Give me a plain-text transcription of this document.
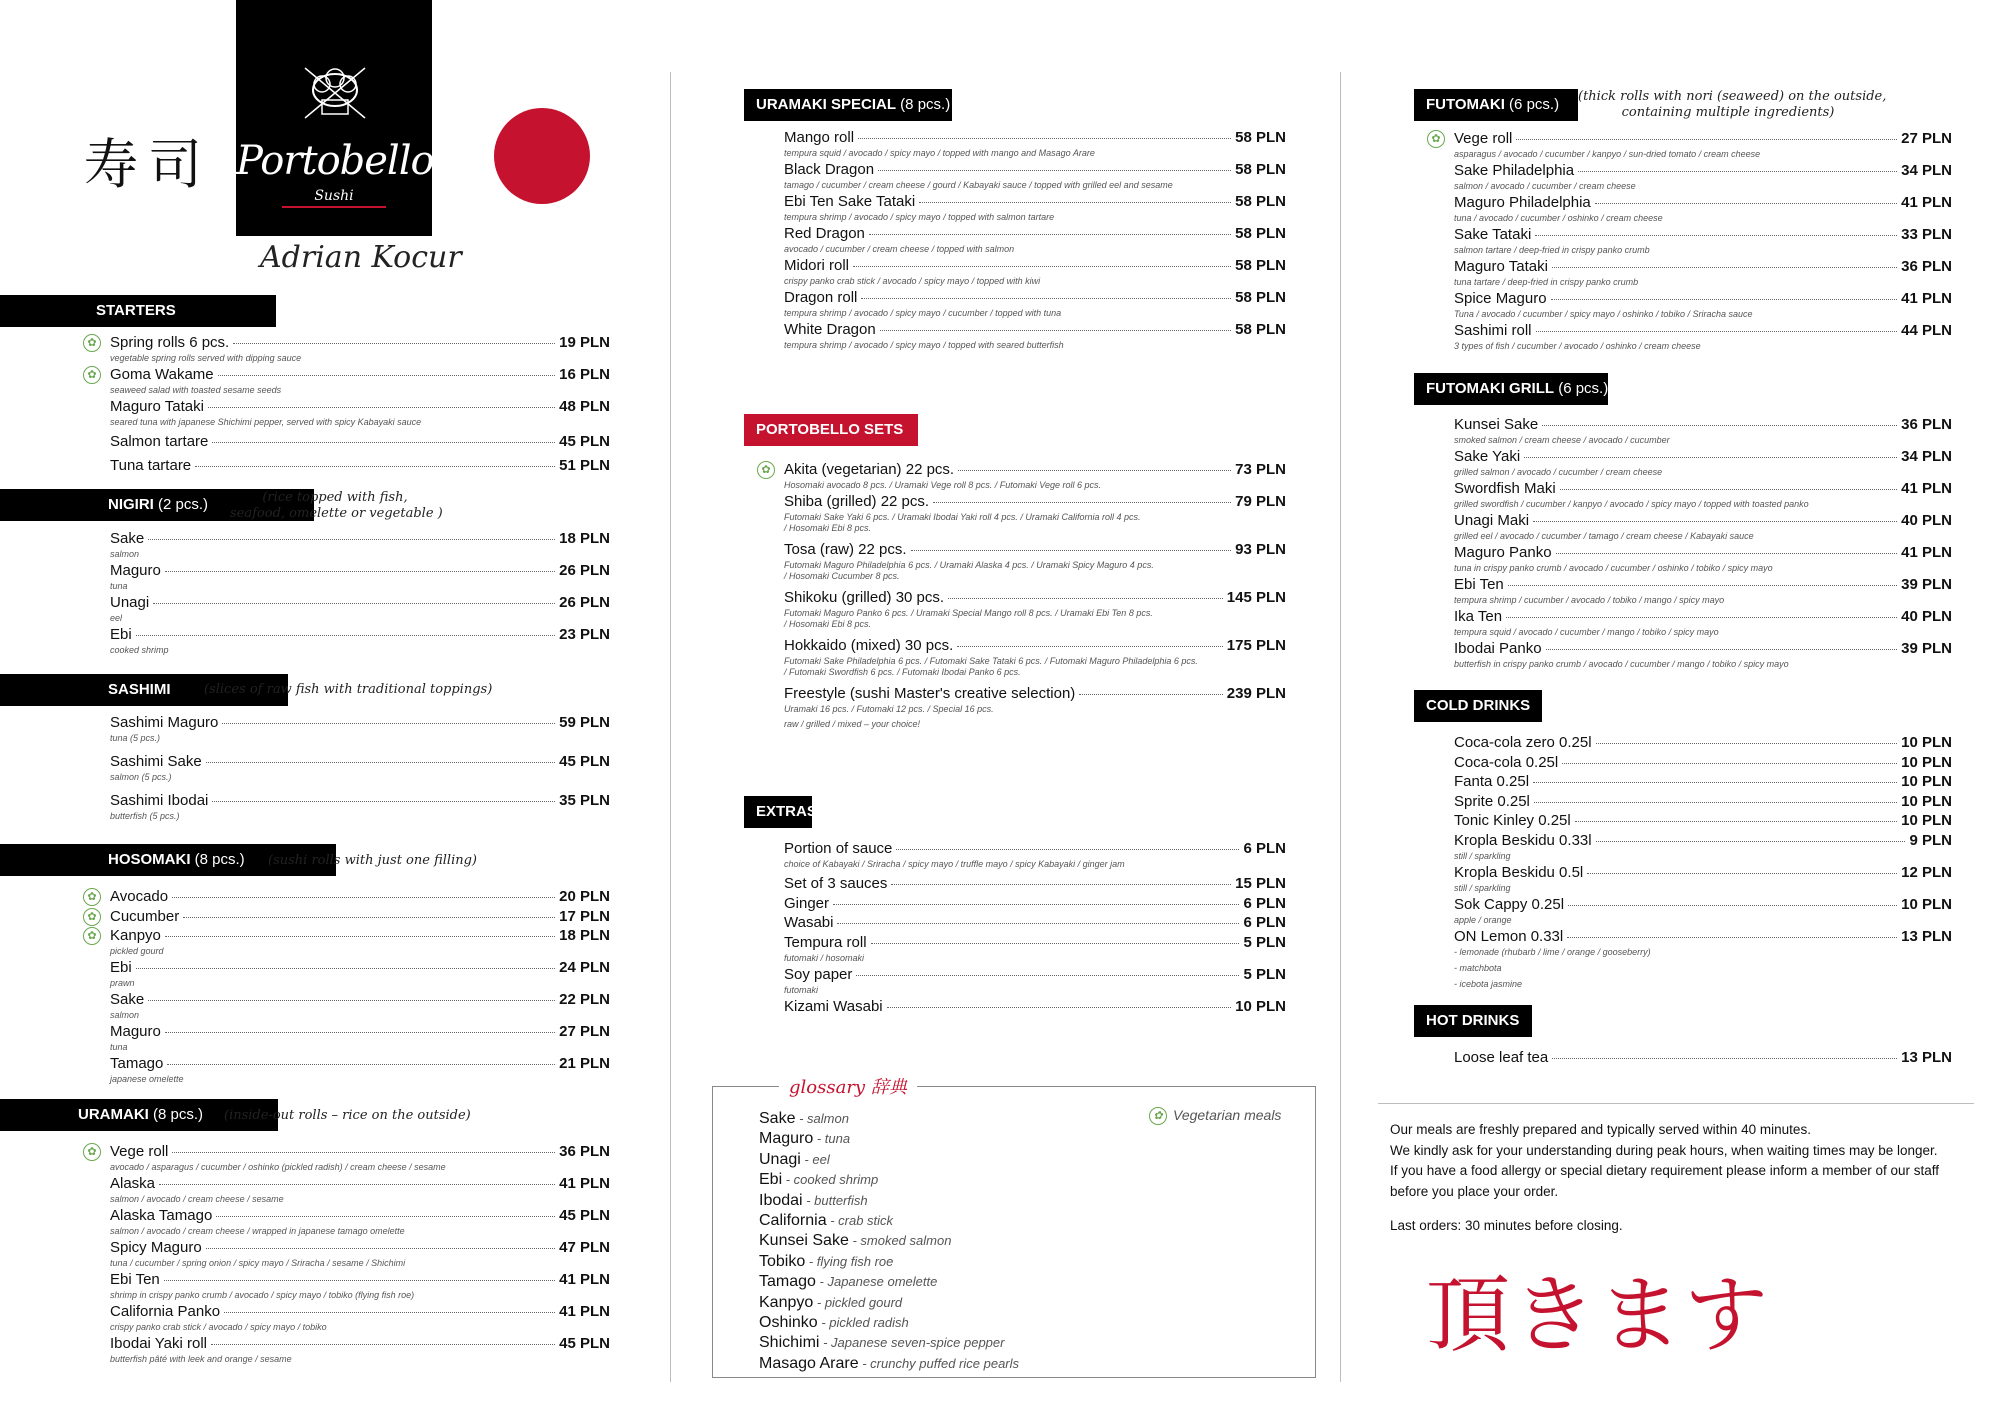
寿司 Portobello
Sushi
Adrian Kocur
STARTERS
✿ Spring rolls 6 pcs.	19 PLN
vegetable spring rolls served with dipping sauce
✿ Goma Wakame	16 PLN
seaweed salad with toasted sesame seeds
Maguro Tataki	48 PLN
seared tuna with japanese Shichimi pepper, served with spicy Kabayaki sauce
Salmon tartare	45 PLN
Tuna tartare	51 PLN
NIGIRI (2 pcs.)	(rice topped with fish,
seafood, omelette or vegetable )
Sake	18 PLN
salmon
Maguro	26 PLN
tuna
Unagi	26 PLN
eel
Ebi	23 PLN
cooked shrimp
SASHIMI	(slices of raw fish with traditional toppings)
Sashimi Maguro	59 PLN
tuna (5 pcs.)
Sashimi Sake	45 PLN
salmon (5 pcs.)
Sashimi Ibodai	35 PLN
butterfish (5 pcs.)
HOSOMAKI (8 pcs.)	(sushi rolls with just one filling)
✿ Avocado	20 PLN
✿ Cucumber	17 PLN
✿ Kanpyo	18 PLN
pickled gourd
Ebi	24 PLN
prawn
Sake	22 PLN
salmon
Maguro	27 PLN
tuna
Tamago	21 PLN
japanese omelette
URAMAKI (8 pcs.)	(inside-out rolls – rice on the outside)
✿ Vege roll	36 PLN
avocado / asparagus / cucumber / oshinko (pickled radish) / cream cheese / sesame
Alaska	41 PLN
salmon / avocado / cream cheese / sesame
Alaska Tamago	45 PLN
salmon / avocado / cream cheese / wrapped in japanese tamago omelette
Spicy Maguro	47 PLN
tuna / cucumber / spring onion / spicy mayo / Sriracha / sesame / Shichimi
Ebi Ten	41 PLN
shrimp in crispy panko crumb / avocado / spicy mayo / tobiko (flying fish roe)
California Panko	41 PLN
crispy panko crab stick / avocado / spicy mayo / tobiko
Ibodai Yaki roll	45 PLN
butterfish pâté with leek and orange / sesame
URAMAKI SPECIAL (8 pcs.)
Mango roll	58 PLN
tempura squid / avocado / spicy mayo / topped with mango and Masago Arare
Black Dragon	58 PLN
tamago / cucumber / cream cheese / gourd / Kabayaki sauce / topped with grilled eel and sesame
Ebi Ten Sake Tataki	58 PLN
tempura shrimp / avocado / spicy mayo / topped with salmon tartare
Red Dragon	58 PLN
avocado / cucumber / cream cheese / topped with salmon
Midori roll	58 PLN
crispy panko crab stick / avocado / spicy mayo / topped with kiwi
Dragon roll	58 PLN
tempura shrimp / avocado / spicy mayo / cucumber / topped with tuna
White Dragon	58 PLN
tempura shrimp / avocado / spicy mayo / topped with seared butterfish
PORTOBELLO SETS
✿ Akita (vegetarian) 22 pcs.	73 PLN
Hosomaki avocado 8 pcs. / Uramaki Vege roll 8 pcs. / Futomaki Vege roll 6 pcs.
Shiba (grilled) 22 pcs.	79 PLN
Futomaki Sake Yaki 6 pcs. / Uramaki Ibodai Yaki roll 4 pcs. / Uramaki California roll 4 pcs.
/ Hosomaki Ebi 8 pcs.
Tosa (raw) 22 pcs.	93 PLN
Futomaki Maguro Philadelphia 6 pcs. / Uramaki Alaska 4 pcs. / Uramaki Spicy Maguro 4 pcs.
/ Hosomaki Cucumber 8 pcs.
Shikoku (grilled) 30 pcs.	145 PLN
Futomaki Maguro Panko 6 pcs. / Uramaki Special Mango roll 8 pcs. / Uramaki Ebi Ten 8 pcs.
/ Hosomaki Ebi 8 pcs.
Hokkaido (mixed) 30 pcs.	175 PLN
Futomaki Sake Philadelphia 6 pcs. / Futomaki Sake Tataki 6 pcs. / Futomaki Maguro Philadelphia 6 pcs.
/ Futomaki Swordfish 6 pcs. / Futomaki Ibodai Panko 6 pcs.
Freestyle (sushi Master's creative selection)	239 PLN
Uramaki 16 pcs. / Futomaki 12 pcs. / Special 16 pcs.
raw / grilled / mixed – your choice!
EXTRAS
Portion of sauce	6 PLN
choice of Kabayaki / Sriracha / spicy mayo / truffle mayo / spicy Kabayaki / ginger jam
Set of 3 sauces	15 PLN
Ginger	6 PLN
Wasabi	6 PLN
Tempura roll	5 PLN
futomaki / hosomaki
Soy paper	5 PLN
futomaki
Kizami Wasabi	10 PLN
glossary 辞典
✿ Vegetarian meals
Sake - salmon
Maguro - tuna
Unagi - eel
Ebi - cooked shrimp
Ibodai - butterfish
California - crab stick
Kunsei Sake - smoked salmon
Tobiko - flying fish roe
Tamago - Japanese omelette
Kanpyo - pickled gourd
Oshinko - pickled radish
Shichimi - Japanese seven-spice pepper
Masago Arare - crunchy puffed rice pearls
FUTOMAKI (6 pcs.)	(thick rolls with nori (seaweed) on the outside,
containing multiple ingredients)
✿ Vege roll	27 PLN
asparagus / avocado / cucumber / kanpyo / sun-dried tomato / cream cheese
Sake Philadelphia	34 PLN
salmon / avocado / cucumber / cream cheese
Maguro Philadelphia	41 PLN
tuna / avocado / cucumber / oshinko / cream cheese
Sake Tataki	33 PLN
salmon tartare / deep-fried in crispy panko crumb
Maguro Tataki	36 PLN
tuna tartare / deep-fried in crispy panko crumb
Spice Maguro	41 PLN
Tuna / avocado / cucumber / spicy mayo / oshinko / tobiko / Sriracha sauce
Sashimi roll	44 PLN
3 types of fish / cucumber / avocado / oshinko / cream cheese
FUTOMAKI GRILL (6 pcs.)
Kunsei Sake	36 PLN
smoked salmon / cream cheese / avocado / cucumber
Sake Yaki	34 PLN
grilled salmon / avocado / cucumber / cream cheese
Swordfish Maki	41 PLN
grilled swordfish / cucumber / kanpyo / avocado / spicy mayo / topped with toasted panko
Unagi Maki	40 PLN
grilled eel / avocado / cucumber / tamago / cream cheese / Kabayaki sauce
Maguro Panko	41 PLN
tuna in crispy panko crumb / avocado / cucumber / oshinko / tobiko / spicy mayo
Ebi Ten	39 PLN
tempura shrimp / cucumber / avocado / tobiko / mango / spicy mayo
Ika Ten	40 PLN
tempura squid / avocado / cucumber / mango / tobiko / spicy mayo
Ibodai Panko	39 PLN
butterfish in crispy panko crumb / avocado / cucumber / mango / tobiko / spicy mayo
COLD DRINKS
Coca-cola zero 0.25l	10 PLN
Coca-cola 0.25l	10 PLN
Fanta 0.25l	10 PLN
Sprite 0.25l	10 PLN
Tonic Kinley 0.25l	10 PLN
Kropla Beskidu 0.33l	9 PLN
still / sparkling
Kropla Beskidu 0.5l	12 PLN
still / sparkling
Sok Cappy 0.25l	10 PLN
apple / orange
ON Lemon 0.33l	13 PLN
- lemonade (rhubarb / lime / orange / gooseberry)
- matchbota
- icebota jasmine
HOT DRINKS
Loose leaf tea	13 PLN

Our meals are freshly prepared and typically served within 40 minutes.

We kindly ask for your understanding during peak hours, when waiting times may be longer.

If you have a food allergy or special dietary requirement please inform a member of our staff

before you place your order.

Last orders: 30 minutes before closing.
頂きます
